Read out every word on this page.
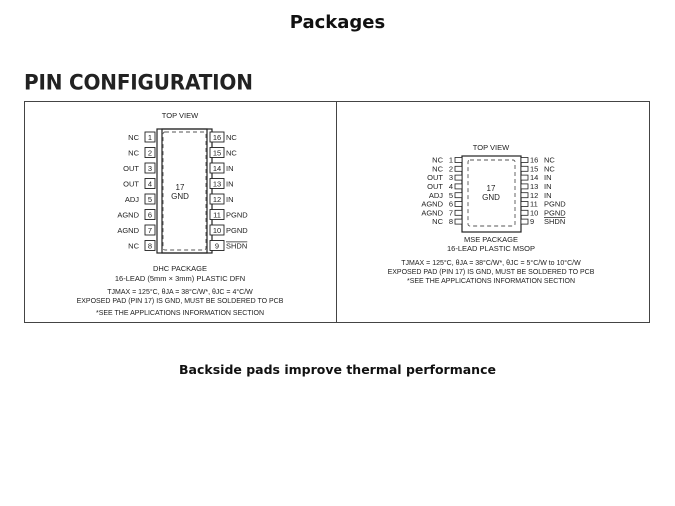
Packages
PIN CONFIGURATION
TOP VIEW
17
GND
1
NC
2
NC
3
OUT
4
OUT
5
ADJ
6
AGND
7
AGND
8
NC
16 NC
15 NC
14 IN
13 IN
12 IN
11 PGND
10 PGND
9 SHDN
DHC PACKAGE
16-LEAD (5mm × 3mm) PLASTIC DFN
TJMAX = 125°C, θJA = 38°C/W*, θJC = 4°C/W
EXPOSED PAD (PIN 17) IS GND, MUST BE SOLDERED TO PCB
*SEE THE APPLICATIONS INFORMATION SECTION
TOP VIEW
17
GND
1
NC
2
NC
3
OUT
4
OUT
5
ADJ
6
AGND
7
AGND
8
NC
16 NC
15 NC
14 IN
13 IN
12 IN
11 PGND
10 PGND
9 SHDN
MSE PACKAGE
16-LEAD PLASTIC MSOP
TJMAX = 125°C, θJA = 38°C/W*, θJC = 5°C/W to 10°C/W
EXPOSED PAD (PIN 17) IS GND, MUST BE SOLDERED TO PCB
*SEE THE APPLICATIONS INFORMATION SECTION
Backside pads improve thermal performance
